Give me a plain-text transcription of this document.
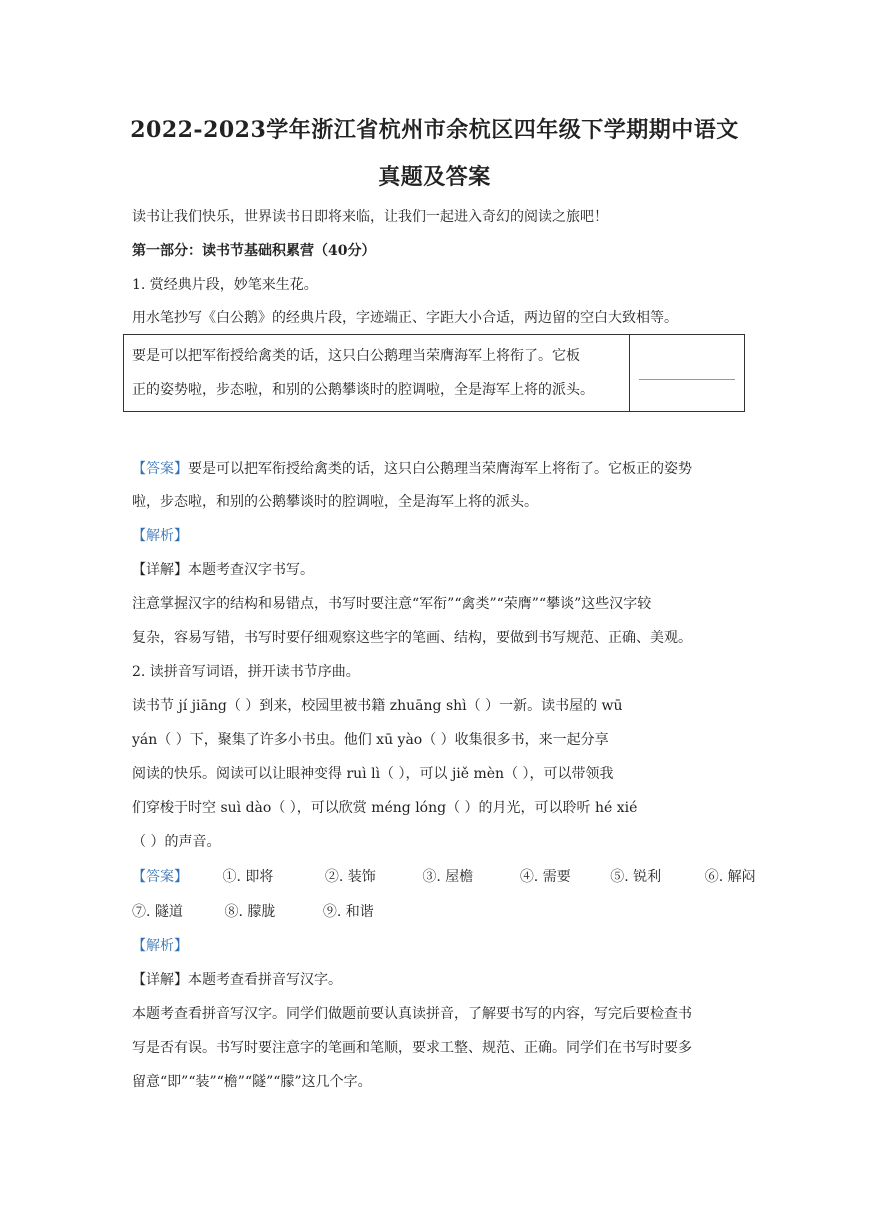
2022-2023学年浙江省杭州市余杭区四年级下学期期中语文
真题及答案
读书让我们快乐，世界读书日即将来临，让我们一起进入奇幻的阅读之旅吧！
第一部分：读书节基础积累营（40分）
1. 赏经典片段，妙笔来生花。
用水笔抄写《白公鹅》的经典片段，字迹端正、字距大小合适，两边留的空白大致相等。
要是可以把军衔授给禽类的话，这只白公鹅理当荣膺海军上将衔了。它板
正的姿势啦，步态啦，和别的公鹅攀谈时的腔调啦，全是海军上将的派头。
【答案】要是可以把军衔授给禽类的话，这只白公鹅理当荣膺海军上将衔了。它板正的姿势
啦，步态啦，和别的公鹅攀谈时的腔调啦，全是海军上将的派头。
【解析】
【详解】本题考查汉字书写。
注意掌握汉字的结构和易错点，书写时要注意“军衔”“禽类”“荣膺”“攀谈”这些汉字较
复杂，容易写错，书写时要仔细观察这些字的笔画、结构，要做到书写规范、正确、美观。
2. 读拼音写词语，拼开读书节序曲。
读书节 jí jiāng（ ）到来，校园里被书籍 zhuāng shì（ ）一新。读书屋的 wū
yán（ ）下，聚集了许多小书虫。他们 xū yào（ ）收集很多书，来一起分享
阅读的快乐。阅读可以让眼神变得 ruì lì（ ），可以 jiě mèn（ ），可以带领我
们穿梭于时空 suì dào（ ），可以欣赏 méng lóng（ ）的月光，可以聆听 hé xié
（ ）的声音。
【答案】 ①. 即将	②. 装饰	③. 屋檐	④. 需要	⑤. 锐利	⑥. 解闷
⑦. 隧道	⑧. 朦胧	⑨. 和谐
【解析】
【详解】本题考查看拼音写汉字。
本题考查看拼音写汉字。同学们做题前要认真读拼音，了解要书写的内容，写完后要检查书
写是否有误。书写时要注意字的笔画和笔顺，要求工整、规范、正确。同学们在书写时要多
留意“即”“装”“檐”“隧”“朦”这几个字。
